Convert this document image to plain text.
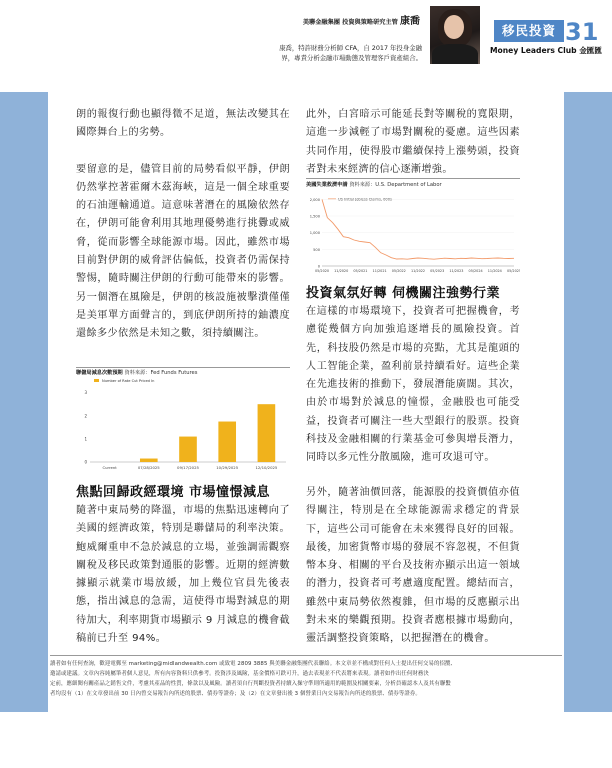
美聯金融集團 投資與策略研究主管 康喬
康喬，特許財務分析師 CFA，自 2017 年投身金融
界，專責分析金融市場動態及管理客戶資產組合。
移民投資 31
Money Leaders Club 金匯匯

朗的報復行動也顯得微不足道，無法改變其在國際舞台上的劣勢。

要留意的是，儘管目前的局勢看似平靜，伊朗仍然掌控著霍爾木茲海峽，這是一個全球重要的石油運輸通道。這意味著潛在的風險依然存在，伊朗可能會利用其地理優勢進行挑釁或威脅，從而影響全球能源市場。因此，雖然市場目前對伊朗的威脅評估偏低，投資者仍需保持警惕，隨時關注伊朗的行動可能帶來的影響。另一個潛在風險是，伊朗的核設施被擊潰僅僅是美軍單方面聲言的，到底伊朗所持的鈾濃度還餘多少依然是未知之數，須持續關注。

聯儲局減息次數預期 資料來源：Fed Funds Futures
Number of Rate Cut Priced In
0
1
2
3
Current	07/28/2025	09/17/2025	10/29/2025	12/10/2025

焦點回歸政經環境 市場憧憬減息

隨著中東局勢的降溫，市場的焦點迅速轉向了美國的經濟政策，特別是聯儲局的利率決策。鮑威爾重申不急於減息的立場，並強調需觀察關稅及移民政策對通脹的影響。近期的經濟數據顯示就業市場放緩，加上幾位官員先後表態，指出減息的急需，這使得市場對減息的期待加大，利率期貨市場顯示 9 月減息的機會截稿前已升至 94%。

此外，白宮暗示可能延長對等關稅的寬限期，這進一步減輕了市場對關稅的憂慮。這些因素共同作用，使得股市繼續保持上漲勢頭，投資者對未來經濟的信心逐漸增強。

美國失業救濟申請 資料來源：U.S. Department of Labor
US Initial Jobless Claims, 000s
0
500
1,000
1,500
2,000
05/2020 11/2020 05/2021 11/2021 05/2022 11/2022 05/2023 11/2023 05/2024 11/2024 05/2025

投資氣氛好轉 伺機關注強勢行業

在這樣的市場環境下，投資者可把握機會，考慮從幾個方向加強追逐增長的風險投資。首先，科技股仍然是市場的亮點，尤其是龍頭的人工智能企業，盈利前景持續看好。這些企業在先進技術的推動下，發展潛能廣闊。其次，由於市場對於減息的憧憬，金融股也可能受益，投資者可關注一些大型銀行的股票。投資科技及金融相關的行業基金可參與增長潛力，同時以多元性分散風險，進可攻退可守。

另外，隨著油價回落，能源股的投資價值亦值得關注，特別是在全球能源需求穩定的背景下，這些公司可能會在未來獲得良好的回報。最後，加密貨幣市場的發展不容忽視，不但貨幣本身、相關的平台及技術亦顯示出這一領域的潛力，投資者可考慮適度配置。總結而言，雖然中東局勢依然複雜，但市場的反應顯示出對未來的樂觀預期。投資者應根據市場動向，靈活調整投資策略，以把握潛在的機會。

讀者如有任何查詢，歡迎電郵至 marketing@midlandwealth.com 或致電 2809 3885 與美聯金融集團代表聯絡。本文章並不構成對任何人士提出任何交易的招攬、
邀請或建議。文章內容純屬筆者個人意見，所有內容資料只供參考。投資涉及風險，基金價格可跌可升，過去表現並不代表將來表現。讀者如作出任何財務決
定前，應細閱有關產品之銷售文件，考慮其產品的性質，條款以及風險。讀者須自行判斷投資者持續入操守準則所適用的範圍及相關要素，分析員確認本人及其有聯繫
者均沒有（1）在文章發出前 30 日內曾交易報告內所述的股票、債券等證券；及（2）在文章發出後 3 個營業日內交易報告內所述的股票、債券等證券。
